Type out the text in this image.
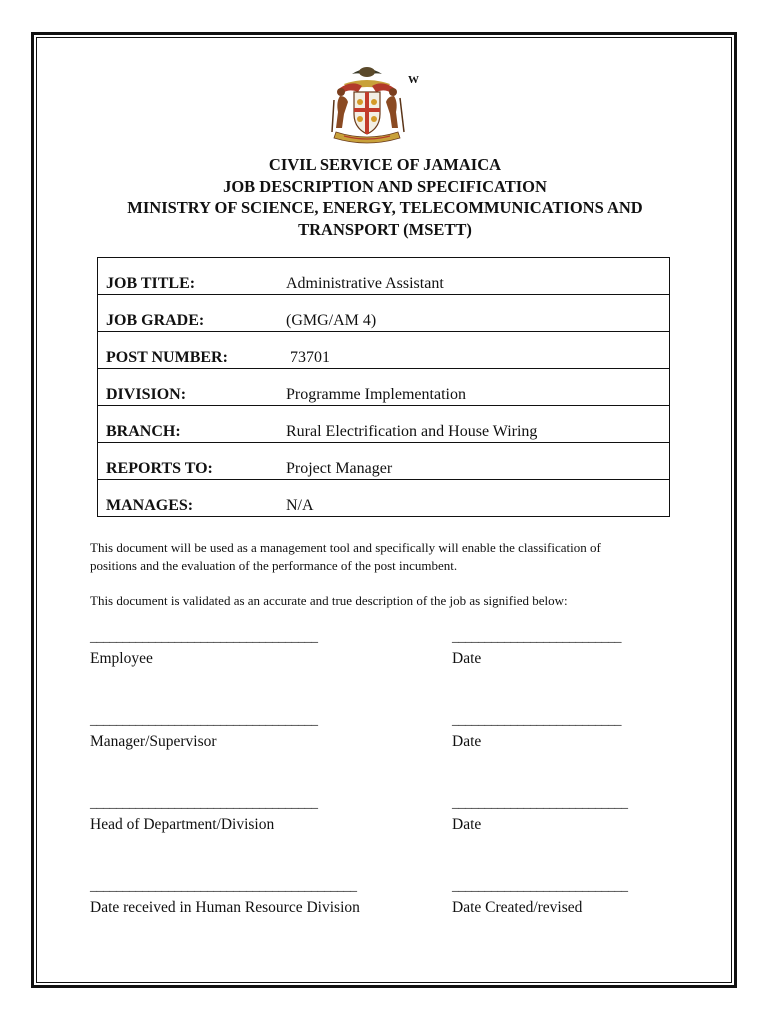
W
CIVIL SERVICE OF JAMAICA
JOB DESCRIPTION AND SPECIFICATION
MINISTRY OF SCIENCE, ENERGY, TELECOMMUNICATIONS AND
TRANSPORT (MSETT)
JOB TITLE:	Administrative Assistant
JOB GRADE:	(GMG/AM 4)
POST NUMBER:	73701
DIVISION:	Programme Implementation
BRANCH:	Rural Electrification and House Wiring
REPORTS TO:	Project Manager
MANAGES:	N/A
This document will be used as a management tool and specifically will enable the classification of
positions and the evaluation of the performance of the post incumbent.
This document is validated as an accurate and true description of the job as signified below:
___________________________________
Employee
__________________________
Date
___________________________________
Manager/Supervisor
__________________________
Date
___________________________________
Head of Department/Division
___________________________
Date
_________________________________________
Date received in Human Resource Division
___________________________
Date Created/revised
